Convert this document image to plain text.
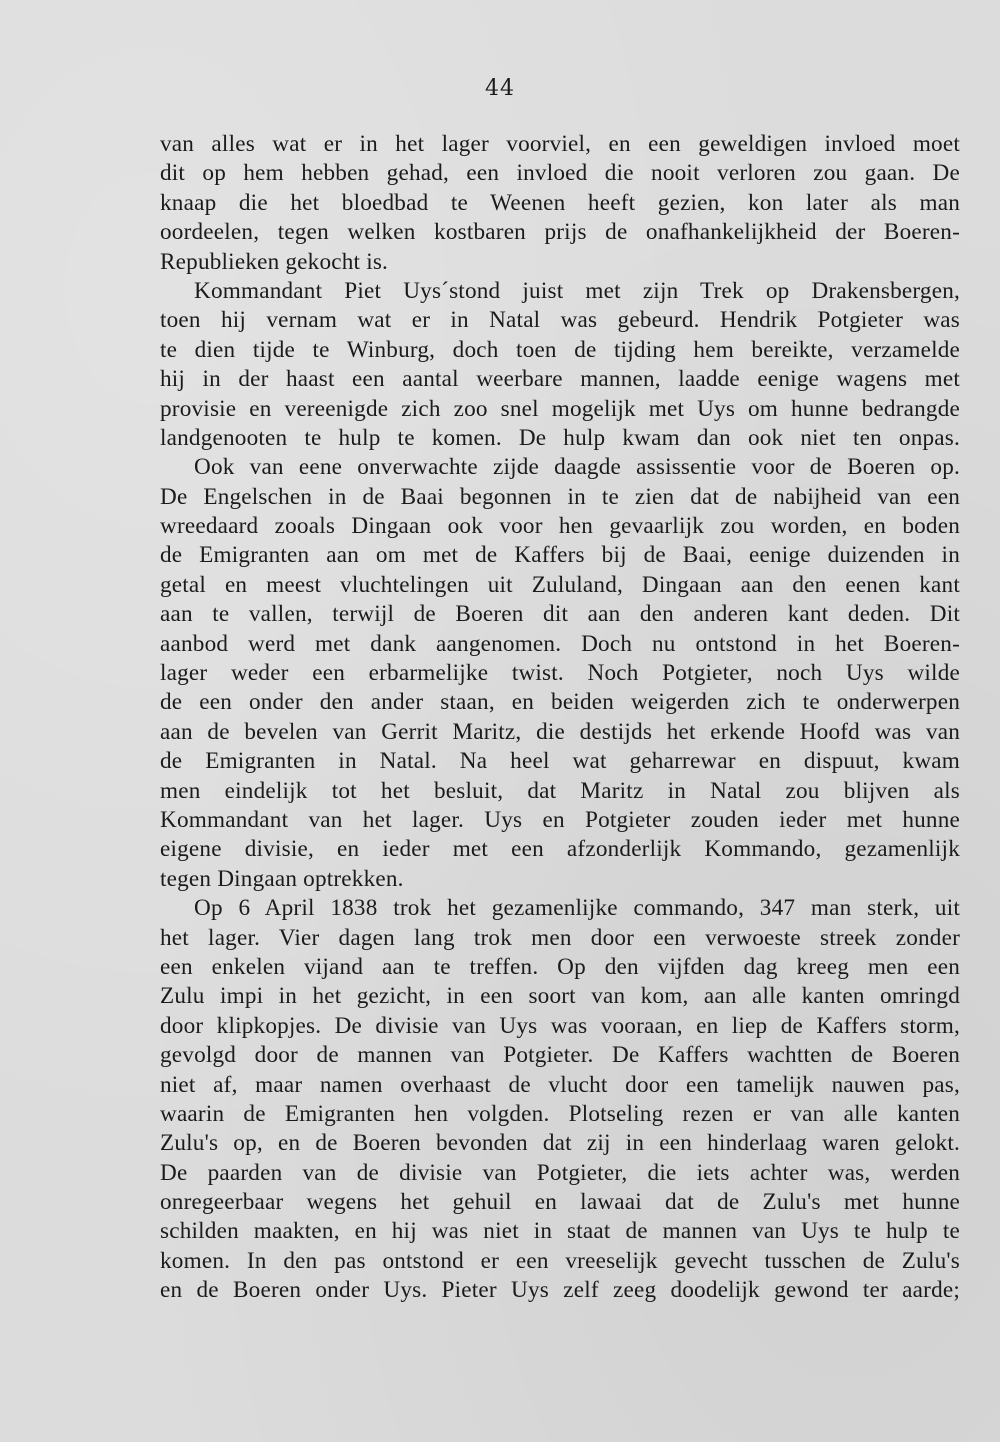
44
van alles wat er in het lager voorviel, en een geweldigen invloed moet
dit op hem hebben gehad, een invloed die nooit verloren zou gaan. De
knaap die het bloedbad te Weenen heeft gezien, kon later als man
oordeelen, tegen welken kostbaren prijs de onafhankelijkheid der Boeren-
Republieken gekocht is.
Kommandant Piet Uys´stond juist met zijn Trek op Drakensbergen,
toen hij vernam wat er in Natal was gebeurd. Hendrik Potgieter was
te dien tijde te Winburg, doch toen de tijding hem bereikte, verzamelde
hij in der haast een aantal weerbare mannen, laadde eenige wagens met
provisie en vereenigde zich zoo snel mogelijk met Uys om hunne bedrangde
landgenooten te hulp te komen. De hulp kwam dan ook niet ten onpas.
Ook van eene onverwachte zijde daagde assissentie voor de Boeren op.
De Engelschen in de Baai begonnen in te zien dat de nabijheid van een
wreedaard zooals Dingaan ook voor hen gevaarlijk zou worden, en boden
de Emigranten aan om met de Kaffers bij de Baai, eenige duizenden in
getal en meest vluchtelingen uit Zululand, Dingaan aan den eenen kant
aan te vallen, terwijl de Boeren dit aan den anderen kant deden. Dit
aanbod werd met dank aangenomen. Doch nu ontstond in het Boeren-
lager weder een erbarmelijke twist. Noch Potgieter, noch Uys wilde
de een onder den ander staan, en beiden weigerden zich te onderwerpen
aan de bevelen van Gerrit Maritz, die destijds het erkende Hoofd was van
de Emigranten in Natal. Na heel wat geharrewar en dispuut, kwam
men eindelijk tot het besluit, dat Maritz in Natal zou blijven als
Kommandant van het lager. Uys en Potgieter zouden ieder met hunne
eigene divisie, en ieder met een afzonderlijk Kommando, gezamenlijk
tegen Dingaan optrekken.
Op 6 April 1838 trok het gezamenlijke commando, 347 man sterk, uit
het lager. Vier dagen lang trok men door een verwoeste streek zonder
een enkelen vijand aan te treffen. Op den vijfden dag kreeg men een
Zulu impi in het gezicht, in een soort van kom, aan alle kanten omringd
door klipkopjes. De divisie van Uys was vooraan, en liep de Kaffers storm,
gevolgd door de mannen van Potgieter. De Kaffers wachtten de Boeren
niet af, maar namen overhaast de vlucht door een tamelijk nauwen pas,
waarin de Emigranten hen volgden. Plotseling rezen er van alle kanten
Zulu's op, en de Boeren bevonden dat zij in een hinderlaag waren gelokt.
De paarden van de divisie van Potgieter, die iets achter was, werden
onregeerbaar wegens het gehuil en lawaai dat de Zulu's met hunne
schilden maakten, en hij was niet in staat de mannen van Uys te hulp te
komen. In den pas ontstond er een vreeselijk gevecht tusschen de Zulu's
en de Boeren onder Uys. Pieter Uys zelf zeeg doodelijk gewond ter aarde;
